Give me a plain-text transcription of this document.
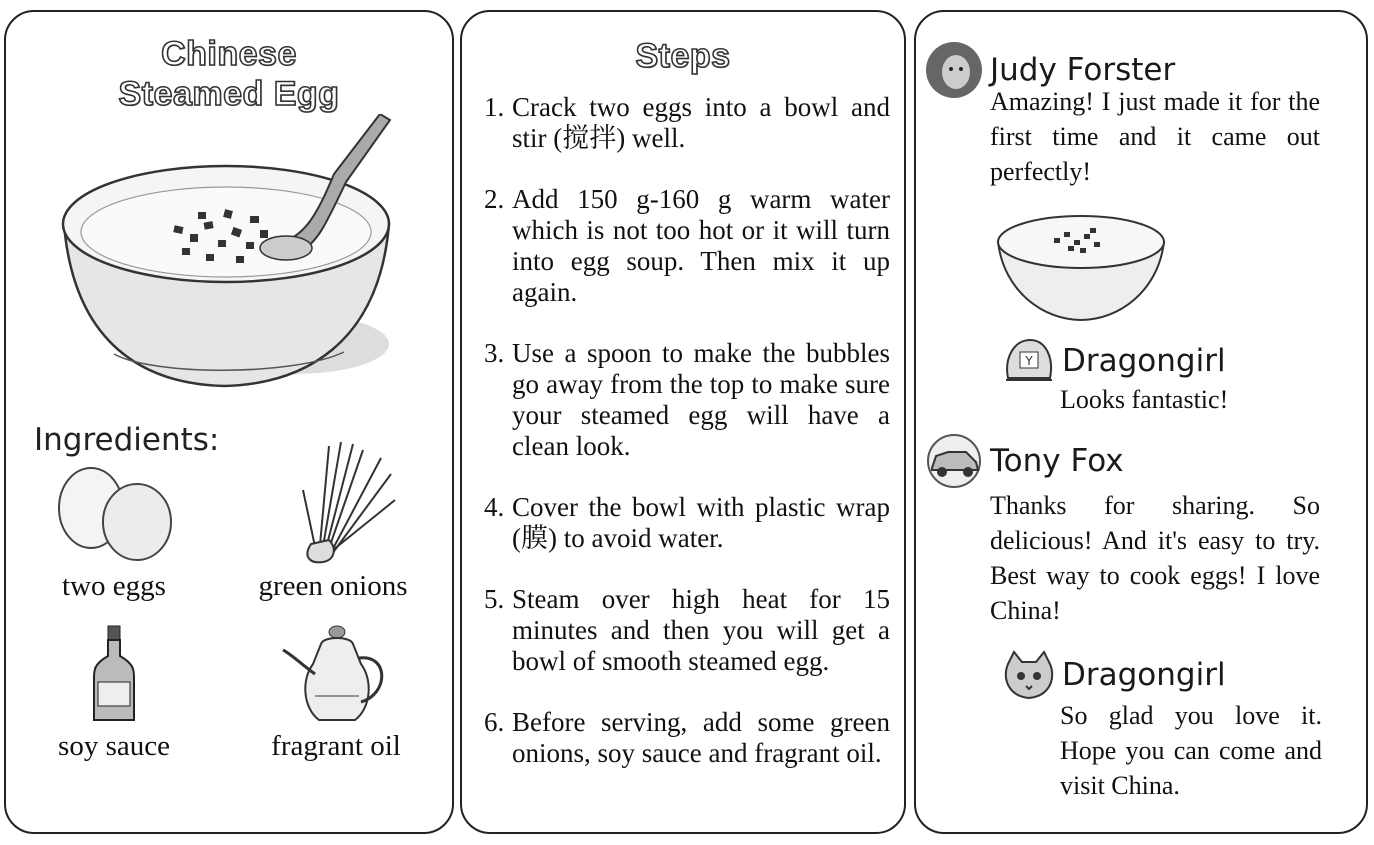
Chinese
Steamed Egg
Ingredients:
two eggs	green onions
soy sauce	fragrant oil
Steps
1. Crack two eggs into a bowl and stir (搅拌) well.
2. Add 150 g-160 g warm water which is not too hot or it will turn into egg soup. Then mix it up again.
3. Use a spoon to make the bubbles go away from the top to make sure your steamed egg will have a clean look.
4. Cover the bowl with plastic wrap (膜) to avoid water.
5. Steam over high heat for 15 minutes and then you will get a bowl of smooth steamed egg.
6. Before serving, add some green onions, soy sauce and fragrant oil.
Judy Forster
Amazing! I just made it for the first time and it came out perfectly!
Y Dragongirl
Looks fantastic!
Tony Fox
Thanks for sharing. So delicious! And it's easy to try. Best way to cook eggs! I love China!
Dragongirl
So glad you love it. Hope you can come and visit China.
